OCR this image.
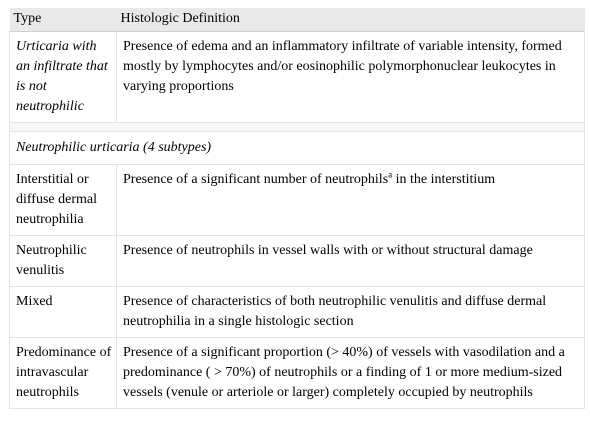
Type	Histologic Definition
Urticaria with an infiltrate that is not neutrophilic	Presence of edema and an inflammatory infiltrate of variable intensity, formed mostly by lymphocytes and/or eosinophilic polymorphonuclear leukocytes in varying proportions

Neutrophilic urticaria (4 subtypes)	
Interstitial or diffuse dermal neutrophilia	Presence of a significant number of neutrophils$^a$ in the interstitium
Neutrophilic venulitis	Presence of neutrophils in vessel walls with or without structural damage
Mixed	Presence of characteristics of both neutrophilic venulitis and diffuse dermal neutrophilia in a single histologic section
Predominance of intravascular neutrophils	Presence of a significant proportion (> 40%) of vessels with vasodilation and a predominance ( > 70%) of neutrophils or a finding of 1 or more medium-sized vessels (venule or arteriole or larger) completely occupied by neutrophils
